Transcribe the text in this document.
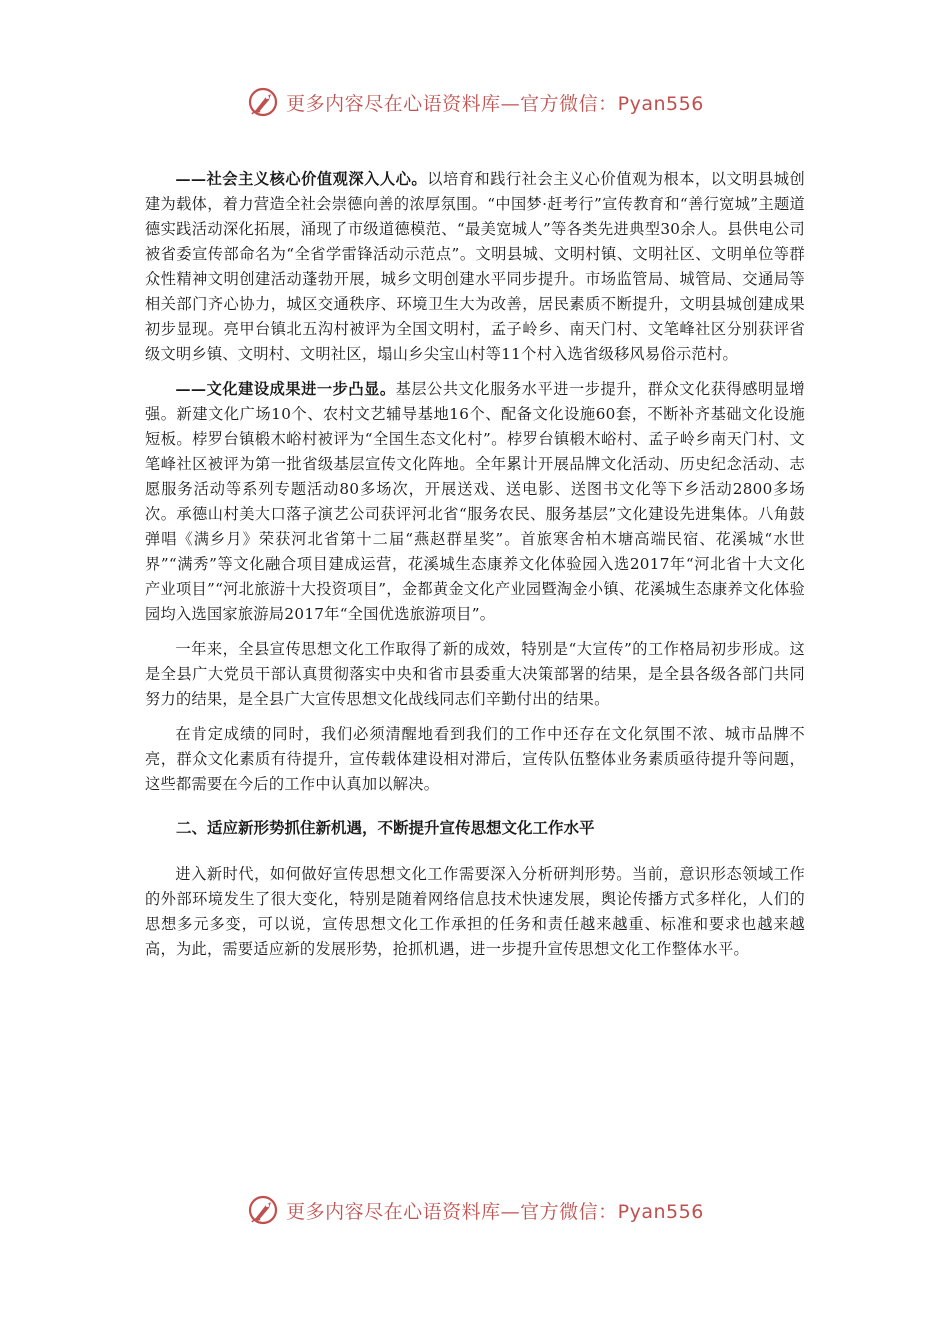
更多内容尽在心语资料库—官方微信：Pyan556

——社会主义核心价值观深入人心。以培育和践行社会主义心价值观为根本，以文明县城创建为载体，着力营造全社会崇德向善的浓厚氛围。“中国梦·赶考行”宣传教育和“善行宽城”主题道德实践活动深化拓展，涌现了市级道德模范、“最美宽城人”等各类先进典型30余人。县供电公司被省委宣传部命名为“全省学雷锋活动示范点”。文明县城、文明村镇、文明社区、文明单位等群众性精神文明创建活动蓬勃开展，城乡文明创建水平同步提升。市场监管局、城管局、交通局等相关部门齐心协力，城区交通秩序、环境卫生大为改善，居民素质不断提升，文明县城创建成果初步显现。亮甲台镇北五沟村被评为全国文明村，孟子岭乡、南天门村、文笔峰社区分别获评省级文明乡镇、文明村、文明社区，塌山乡尖宝山村等11个村入选省级移风易俗示范村。

——文化建设成果进一步凸显。基层公共文化服务水平进一步提升，群众文化获得感明显增强。新建文化广场10个、农村文艺辅导基地16个、配备文化设施60套，不断补齐基础文化设施短板。桲罗台镇椴木峪村被评为“全国生态文化村”。桲罗台镇椴木峪村、孟子岭乡南天门村、文笔峰社区被评为第一批省级基层宣传文化阵地。全年累计开展品牌文化活动、历史纪念活动、志愿服务活动等系列专题活动80多场次，开展送戏、送电影、送图书文化等下乡活动2800多场次。承德山村美大口落子演艺公司获评河北省“服务农民、服务基层”文化建设先进集体。八角鼓弹唱《满乡月》荣获河北省第十二届“燕赵群星奖”。首旅寒舍柏木塘高端民宿、花溪城“水世界”“满秀”等文化融合项目建成运营，花溪城生态康养文化体验园入选2017年“河北省十大文化产业项目”“河北旅游十大投资项目”，金都黄金文化产业园暨淘金小镇、花溪城生态康养文化体验园均入选国家旅游局2017年“全国优选旅游项目”。

一年来，全县宣传思想文化工作取得了新的成效，特别是“大宣传”的工作格局初步形成。这是全县广大党员干部认真贯彻落实中央和省市县委重大决策部署的结果，是全县各级各部门共同努力的结果，是全县广大宣传思想文化战线同志们辛勤付出的结果。

在肯定成绩的同时，我们必须清醒地看到我们的工作中还存在文化氛围不浓、城市品牌不亮，群众文化素质有待提升，宣传载体建设相对滞后，宣传队伍整体业务素质亟待提升等问题，这些都需要在今后的工作中认真加以解决。

二、适应新形势抓住新机遇，不断提升宣传思想文化工作水平

进入新时代，如何做好宣传思想文化工作需要深入分析研判形势。当前，意识形态领域工作的外部环境发生了很大变化，特别是随着网络信息技术快速发展，舆论传播方式多样化，人们的思想多元多变，可以说，宣传思想文化工作承担的任务和责任越来越重、标准和要求也越来越高，为此，需要适应新的发展形势，抢抓机遇，进一步提升宣传思想文化工作整体水平。

更多内容尽在心语资料库—官方微信：Pyan556
